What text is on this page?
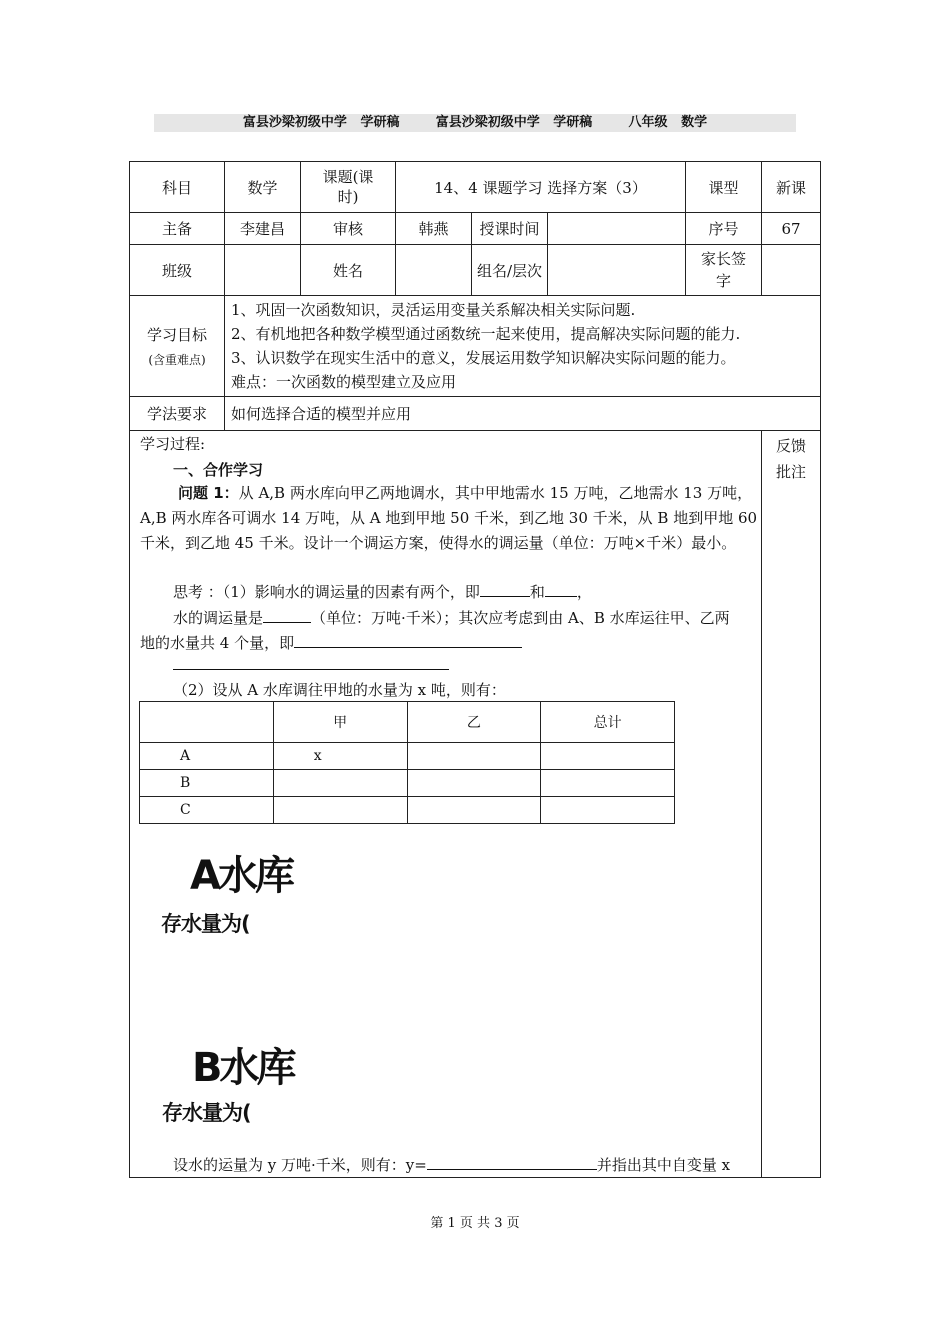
富县沙梁初级中学   学研稿        富县沙梁初级中学   学研稿        八年级   数学
科目	数学	课题(课时)	14、4 课题学习 选择方案（3）	课型	新课
主备	李建昌	审核	韩燕	授课时间		序号	67
班级		姓名		组名/层次		家长签字	

学习目标
(含重难点)

1、巩固一次函数知识，灵活运用变量关系解决相关实际问题.
2、有机地把各种数学模型通过函数统一起来使用，提高解决实际问题的能力.
3、认识数学在现实生活中的意义，发展运用数学知识解决实际问题的能力。
难点：一次函数的模型建立及应用

学法要求	如何选择合适的模型并应用

学习过程:
一、合作学习
问题 1：从 A,B 两水库向甲乙两地调水，其中甲地需水 15 万吨，乙地需水 13 万吨，A,B 两水库各可调水 14 万吨，从 A 地到甲地 50 千米，到乙地 30 千米，从 B 地到甲地 60 千米，到乙地 45 千米。设计一个调运方案，使得水的调运量（单位：万吨×千米）最小。
思考 ：（1）影响水的调运量的因素有两个，即	和 ，
水的调运量是	（单位：万吨·千米）；其次应考虑到由 A、B 水库运往甲、乙两
地的水量共 4 个量，即
（2）设从 A 水库调往甲地的水量为 x 吨，则有：
	甲	乙	总计
A	x		
B			
C			
A水库
存水量为(
B水库
存水量为(
设水的运量为 y 万吨·千米，则有：y=	并指出其中自变量 x

反馈
批注
第 1 页 共 3 页
